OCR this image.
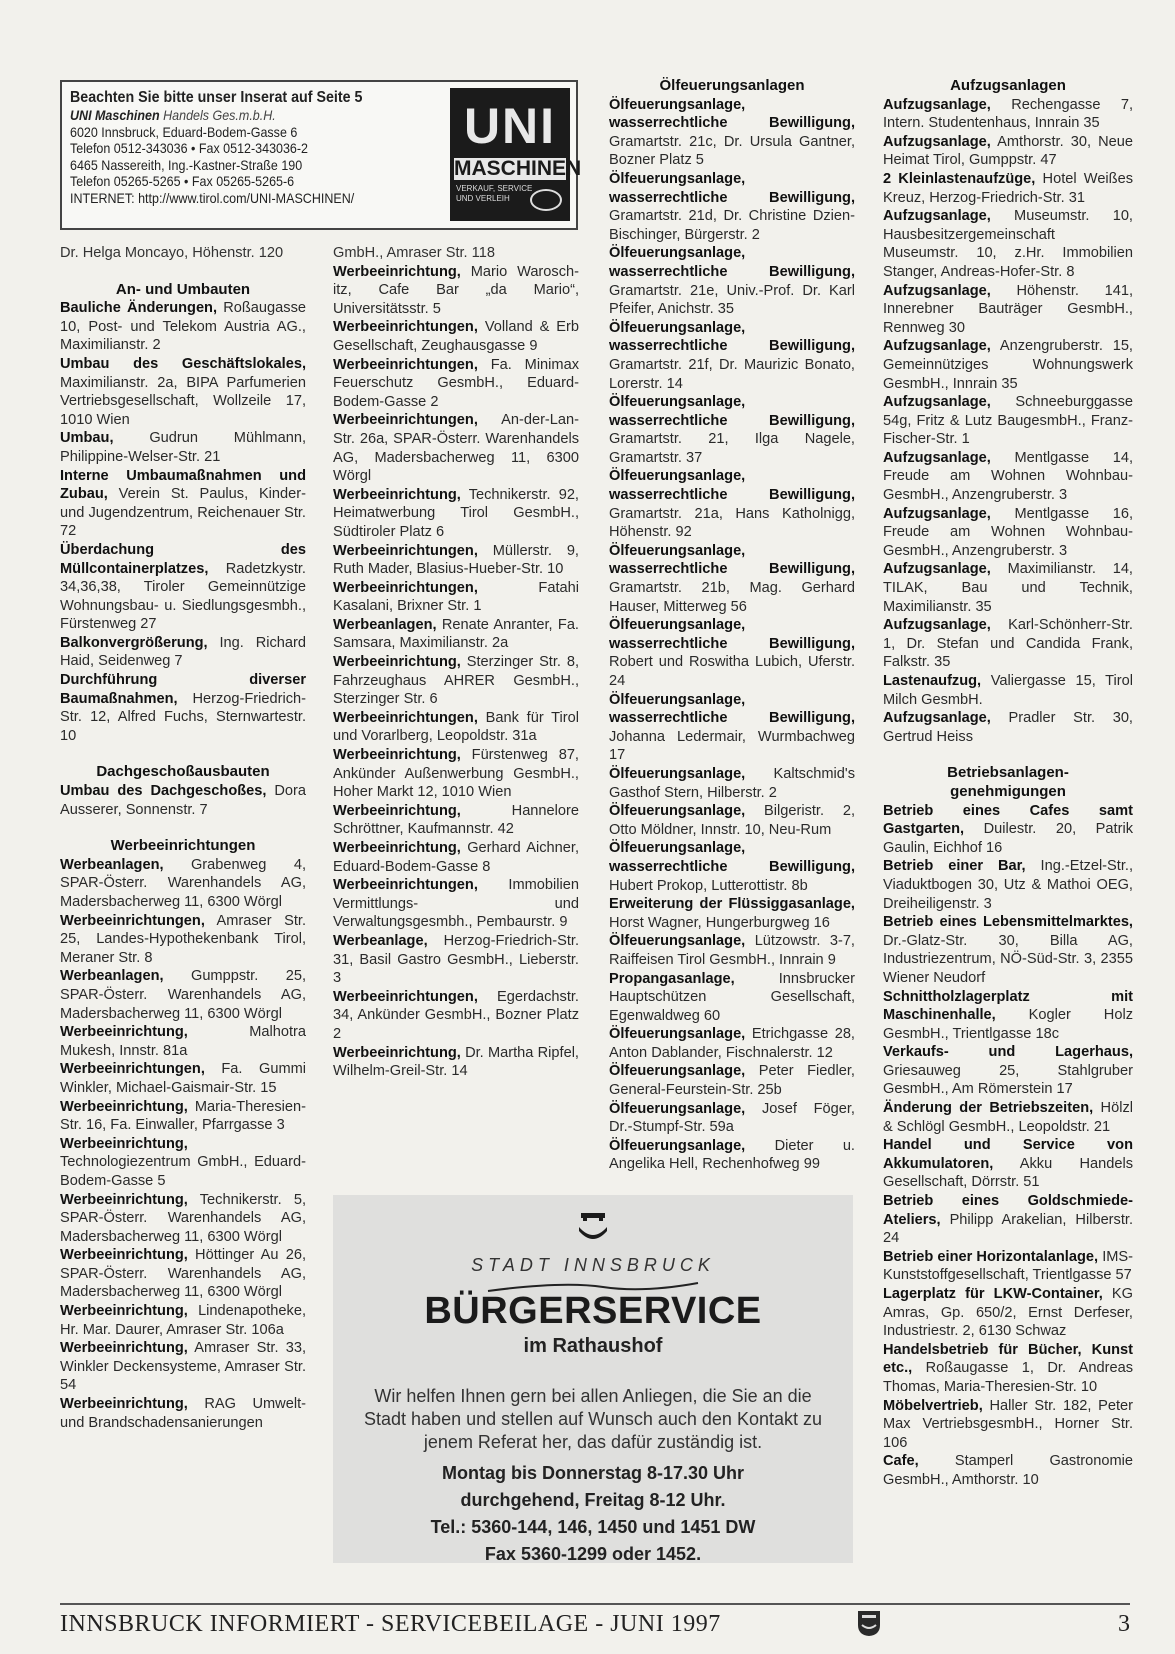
Beachten Sie bitte unser Inserat auf Seite 5
UNI Maschinen Handels Ges.m.b.H.
6020 Innsbruck, Eduard-Bodem-Gasse 6
Telefon 0512-343036 • Fax 0512-343036-2
6465 Nassereith, Ing.-Kastner-Straße 190
Telefon 05265-5265 • Fax 05265-5265-6
INTERNET: http://www.tirol.com/UNI-MASCHINEN/
UNI
MASCHINEN
VERKAUF, SERVICE
UND VERLEIH

Dr. Helga Moncayo, Höhenstr. 120

An- und Umbauten

Bauliche Änderungen, Roßaugasse 10, Post- und Telekom Austria AG., Maximilianstr. 2

Umbau des Geschäftslokales, Maximilianstr. 2a, BIPA Parfumerien Vertriebsgesellschaft, Wollzeile 17, 1010 Wien

Umbau, Gudrun Mühlmann, Philippine-Welser-Str. 21

Interne Umbaumaßnahmen und Zubau, Verein St. Paulus, Kinder- und Jugendzentrum, Reichenauer Str. 72

Überdachung des Müllcontainerplatzes, Radetzkystr. 34,36,38, Tiroler Gemeinnützige Wohnungsbau- u. Siedlungsgesmbh., Fürstenweg 27

Balkonvergrößerung, Ing. Richard Haid, Seidenweg 7

Durchführung diverser Baumaßnahmen, Herzog-Friedrich-Str. 12, Alfred Fuchs, Sternwartestr. 10

Dachgeschoßausbauten

Umbau des Dachgeschoßes, Dora Ausserer, Sonnenstr. 7

Werbeeinrichtungen

Werbeanlagen, Grabenweg 4, SPAR-Österr. Warenhandels AG, Madersbacherweg 11, 6300 Wörgl

Werbeeinrichtungen, Amraser Str. 25, Landes-Hypothekenbank Tirol, Meraner Str. 8

Werbeanlagen, Gumppstr. 25, SPAR-Österr. Warenhandels AG, Madersbacherweg 11, 6300 Wörgl

Werbeeinrichtung, Malhotra Mukesh, Innstr. 81a

Werbeeinrichtungen, Fa. Gummi Winkler, Michael-Gaismair-Str. 15

Werbeeinrichtung, Maria-Theresien-Str. 16, Fa. Einwaller, Pfarrgasse 3

Werbeeinrichtung, Technologiezentrum GmbH., Eduard-Bodem-Gasse 5

Werbeeinrichtung, Technikerstr. 5, SPAR-Österr. Warenhandels AG, Madersbacherweg 11, 6300 Wörgl

Werbeeinrichtung, Höttinger Au 26, SPAR-Österr. Warenhandels AG, Madersbacherweg 11, 6300 Wörgl

Werbeeinrichtung, Lindenapotheke, Hr. Mar. Daurer, Amraser Str. 106a

Werbeeinrichtung, Amraser Str. 33, Winkler Deckensysteme, Amraser Str. 54

Werbeeinrichtung, RAG Umwelt- und Brandschadensanierungen

GmbH., Amraser Str. 118

Werbeeinrichtung, Mario Waroschitz, Cafe Bar „da Mario“, Universitätsstr. 5

Werbeeinrichtungen, Volland & Erb Gesellschaft, Zeughausgasse 9

Werbeeinrichtungen, Fa. Minimax Feuerschutz GesmbH., Eduard-Bodem-Gasse 2

Werbeeinrichtungen, An-der-Lan-Str. 26a, SPAR-Österr. Warenhandels AG, Madersbacherweg 11, 6300 Wörgl

Werbeeinrichtung, Technikerstr. 92, Heimatwerbung Tirol GesmbH., Südtiroler Platz 6

Werbeeinrichtungen, Müllerstr. 9, Ruth Mader, Blasius-Hueber-Str. 10

Werbeeinrichtungen, Fatahi Kasalani, Brixner Str. 1

Werbeanlagen, Renate Anranter, Fa. Samsara, Maximilianstr. 2a

Werbeeinrichtung, Sterzinger Str. 8, Fahrzeughaus AHRER GesmbH., Sterzinger Str. 6

Werbeeinrichtungen, Bank für Tirol und Vorarlberg, Leopoldstr. 31a

Werbeeinrichtung, Fürstenweg 87, Ankünder Außenwerbung GesmbH., Hoher Markt 12, 1010 Wien

Werbeeinrichtung, Hannelore Schröttner, Kaufmannstr. 42

Werbeeinrichtung, Gerhard Aichner, Eduard-Bodem-Gasse 8

Werbeeinrichtungen, Immobilien Vermittlungs- und Verwaltungsgesmbh., Pembaurstr. 9

Werbeanlage, Herzog-Friedrich-Str. 31, Basil Gastro GesmbH., Lieberstr. 3

Werbeeinrichtungen, Egerdachstr. 34, Ankünder GesmbH., Bozner Platz 2

Werbeeinrichtung, Dr. Martha Ripfel, Wilhelm-Greil-Str. 14

Ölfeuerungsanlagen

Ölfeuerungsanlage, wasserrechtliche Bewilligung, Gramartstr. 21c, Dr. Ursula Gantner, Bozner Platz 5

Ölfeuerungsanlage, wasserrechtliche Bewilligung, Gramartstr. 21d, Dr. Christine Dzien-Bischinger, Bürgerstr. 2

Ölfeuerungsanlage, wasserrechtliche Bewilligung, Gramartstr. 21e, Univ.-Prof. Dr. Karl Pfeifer, Anichstr. 35

Ölfeuerungsanlage, wasserrechtliche Bewilligung, Gramartstr. 21f, Dr. Maurizic Bonato, Lorerstr. 14

Ölfeuerungsanlage, wasserrechtliche Bewilligung, Gramartstr. 21, Ilga Nagele, Gramartstr. 37

Ölfeuerungsanlage, wasserrechtliche Bewilligung, Gramartstr. 21a, Hans Katholnigg, Höhenstr. 92

Ölfeuerungsanlage, wasserrechtliche Bewilligung, Gramartstr. 21b, Mag. Gerhard Hauser, Mitterweg 56

Ölfeuerungsanlage, wasserrechtliche Bewilligung, Robert und Roswitha Lubich, Uferstr. 24

Ölfeuerungsanlage, wasserrechtliche Bewilligung, Johanna Ledermair, Wurmbachweg 17

Ölfeuerungsanlage, Kaltschmid's Gasthof Stern, Hilberstr. 2

Ölfeuerungsanlage, Bilgeristr. 2, Otto Möldner, Innstr. 10, Neu-Rum

Ölfeuerungsanlage, wasserrechtliche Bewilligung, Hubert Prokop, Lutterottistr. 8b

Erweiterung der Flüssiggasanlage, Horst Wagner, Hungerburgweg 16

Ölfeuerungsanlage, Lützowstr. 3-7, Raiffeisen Tirol GesmbH., Innrain 9

Propangasanlage, Innsbrucker Hauptschützen Gesellschaft, Egenwaldweg 60

Ölfeuerungsanlage, Etrichgasse 28, Anton Dablander, Fischnalerstr. 12

Ölfeuerungsanlage, Peter Fiedler, General-Feurstein-Str. 25b

Ölfeuerungsanlage, Josef Föger, Dr.-Stumpf-Str. 59a

Ölfeuerungsanlage, Dieter u. Angelika Hell, Rechenhofweg 99

Aufzugsanlagen

Aufzugsanlage, Rechengasse 7, Intern. Studentenhaus, Innrain 35

Aufzugsanlage, Amthorstr. 30, Neue Heimat Tirol, Gumppstr. 47

2 Kleinlastenaufzüge, Hotel Weißes Kreuz, Herzog-Friedrich-Str. 31

Aufzugsanlage, Museumstr. 10, Hausbesitzergemeinschaft Museumstr. 10, z.Hr. Immobilien Stanger, Andreas-Hofer-Str. 8

Aufzugsanlage, Höhenstr. 141, Innerebner Bauträger GesmbH., Rennweg 30

Aufzugsanlage, Anzengruberstr. 15, Gemeinnütziges Wohnungswerk GesmbH., Innrain 35

Aufzugsanlage, Schneeburggasse 54g, Fritz & Lutz BaugesmbH., Franz-Fischer-Str. 1

Aufzugsanlage, Mentlgasse 14, Freude am Wohnen Wohnbau-GesmbH., Anzengruberstr. 3

Aufzugsanlage, Mentlgasse 16, Freude am Wohnen Wohnbau-GesmbH., Anzengruberstr. 3

Aufzugsanlage, Maximilianstr. 14, TILAK, Bau und Technik, Maximilianstr. 35

Aufzugsanlage, Karl-Schönherr-Str. 1, Dr. Stefan und Candida Frank, Falkstr. 35

Lastenaufzug, Valiergasse 15, Tirol Milch GesmbH.

Aufzugsanlage, Pradler Str. 30, Gertrud Heiss

Betriebsanlagen-

genehmigungen

Betrieb eines Cafes samt Gastgarten, Duilestr. 20, Patrik Gaulin, Eichhof 16

Betrieb einer Bar, Ing.-Etzel-Str., Viaduktbogen 30, Utz & Mathoi OEG, Dreiheiligenstr. 3

Betrieb eines Lebensmittelmarktes, Dr.-Glatz-Str. 30, Billa AG, Industriezentrum, NÖ-Süd-Str. 3, 2355 Wiener Neudorf

Schnittholzlagerplatz mit Maschinenhalle, Kogler Holz GesmbH., Trientlgasse 18c

Verkaufs- und Lagerhaus, Griesauweg 25, Stahlgruber GesmbH., Am Römerstein 17

Änderung der Betriebszeiten, Hölzl & Schlögl GesmbH., Leopoldstr. 21

Handel und Service von Akkumulatoren, Akku Handels Gesellschaft, Dörrstr. 51

Betrieb eines Goldschmiede-Ateliers, Philipp Arakelian, Hilberstr. 24

Betrieb einer Horizontalanlage, IMS-Kunststoffgesellschaft, Trientlgasse 57

Lagerplatz für LKW-Container, KG Amras, Gp. 650/2, Ernst Derfeser, Industriestr. 2, 6130 Schwaz

Handelsbetrieb für Bücher, Kunst etc., Roßaugasse 1, Dr. Andreas Thomas, Maria-Theresien-Str. 10

Möbelvertrieb, Haller Str. 182, Peter Max VertriebsgesmbH., Horner Str. 106

Cafe, Stamperl Gastronomie GesmbH., Amthorstr. 10

STADT INNSBRUCK
BÜRGERSERVICE
im Rathaushof
Wir helfen Ihnen gern bei allen Anliegen, die Sie an die Stadt haben und stellen auf Wunsch auch den Kontakt zu jenem Referat her, das dafür zuständig ist.
Montag bis Donnerstag 8-17.30 Uhr
durchgehend, Freitag 8-12 Uhr.
Tel.: 5360-144, 146, 1450 und 1451 DW
Fax 5360-1299 oder 1452.
INNSBRUCK INFORMIERT - SERVICEBEILAGE - JUNI 1997	3
